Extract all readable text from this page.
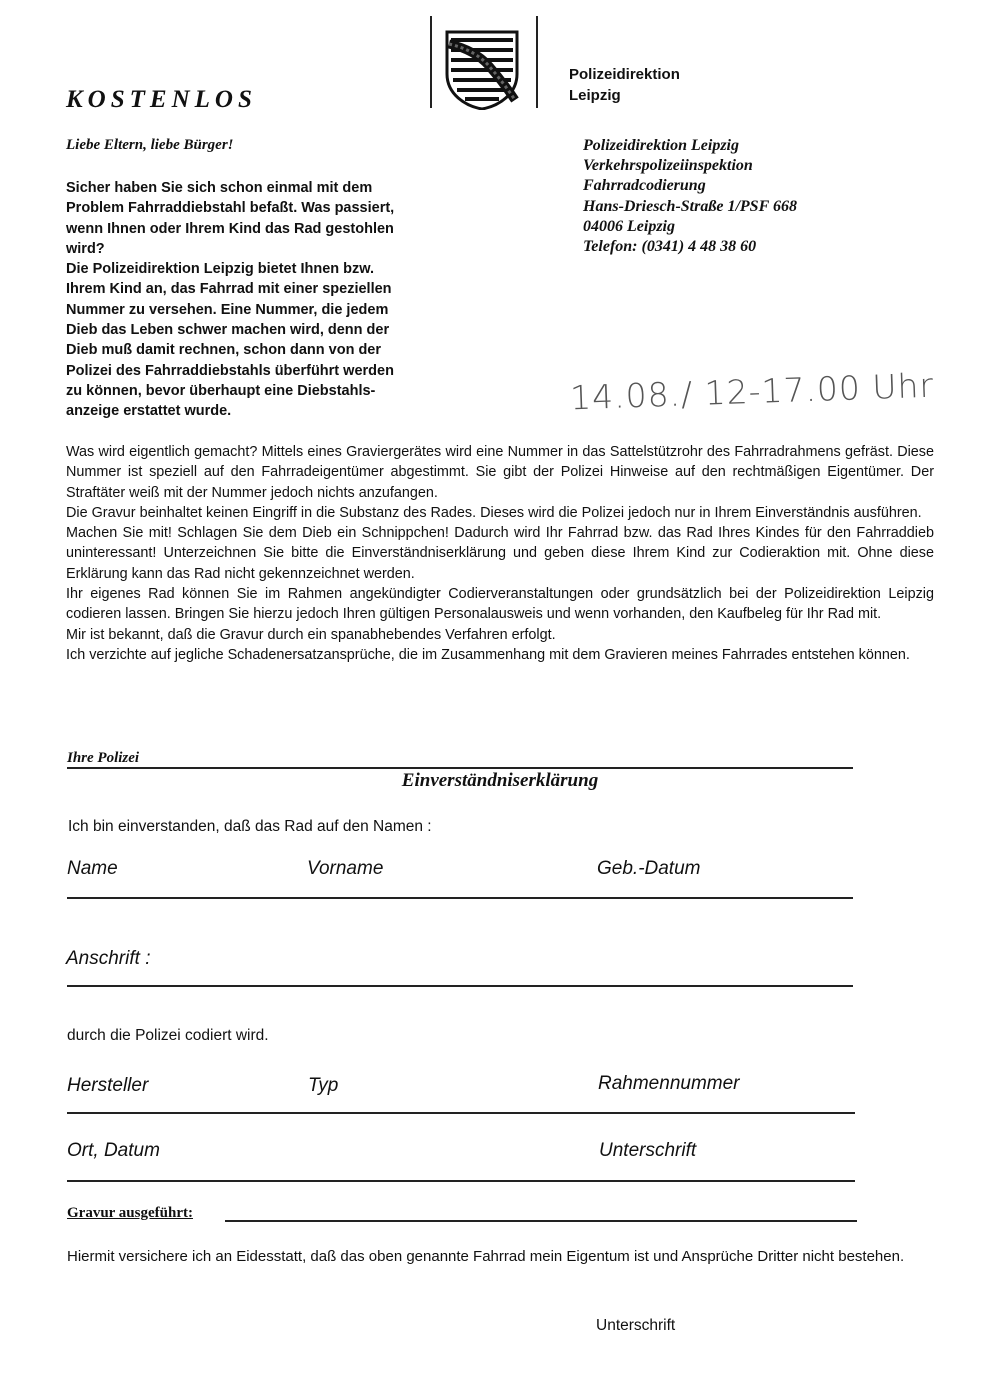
Polizeidirektion
Leipzig
KOSTENLOS
Liebe Eltern, liebe Bürger!
Sicher haben Sie sich schon einmal mit dem
Problem Fahrraddiebstahl befaßt. Was passiert,
wenn Ihnen oder Ihrem Kind das Rad gestohlen
wird?
Die Polizeidirektion Leipzig bietet Ihnen bzw.
Ihrem Kind an, das Fahrrad mit einer speziellen
Nummer zu versehen. Eine Nummer, die jedem
Dieb das Leben schwer machen wird, denn der
Dieb muß damit rechnen, schon dann von der
Polizei des Fahrraddiebstahls überführt werden
zu können, bevor überhaupt eine Diebstahls-
anzeige erstattet wurde.
Polizeidirektion Leipzig
Verkehrspolizeiinspektion
Fahrradcodierung
Hans-Driesch-Straße 1/PSF 668
04006 Leipzig
Telefon: (0341) 4 48 38 60
14.08./ 12-17.00 Uhr

Was wird eigentlich gemacht? Mittels eines Graviergerätes wird eine Nummer in das Sattelstützrohr des Fahrradrahmens gefräst. Diese Nummer ist speziell auf den Fahrradeigentümer abgestimmt. Sie gibt der Polizei Hinweise auf den rechtmäßigen Eigentümer. Der Straftäter weiß mit der Nummer jedoch nichts anzufangen.

Die Gravur beinhaltet keinen Eingriff in die Substanz des Rades. Dieses wird die Polizei jedoch nur in Ihrem Einverständnis ausführen.

Machen Sie mit! Schlagen Sie dem Dieb ein Schnippchen! Dadurch wird Ihr Fahrrad bzw. das Rad Ihres Kindes für den Fahrraddieb uninteressant! Unterzeichnen Sie bitte die Einverständniserklärung und geben diese Ihrem Kind zur Codieraktion mit. Ohne diese Erklärung kann das Rad nicht gekennzeichnet werden.

Ihr eigenes Rad können Sie im Rahmen angekündigter Codierveranstaltungen oder grundsätzlich bei der Polizeidirektion Leipzig codieren lassen. Bringen Sie hierzu jedoch Ihren gültigen Personalausweis und wenn vorhanden, den Kaufbeleg für Ihr Rad mit.

Mir ist bekannt, daß die Gravur durch ein spanabhebendes Verfahren erfolgt.

Ich verzichte auf jegliche Schadenersatzansprüche, die im Zusammenhang mit dem Gravieren meines Fahrrades entstehen können.

Ihre Polizei
Einverständniserklärung
Ich bin einverstanden, daß das Rad auf den Namen :
Name	Vorname	Geb.-Datum
Anschrift :
durch die Polizei codiert wird.
Hersteller	Typ	Rahmennummer
Ort, Datum	Unterschrift
Gravur ausgeführt:
Hiermit versichere ich an Eidesstatt, daß das oben genannte Fahrrad mein Eigentum ist und Ansprüche Dritter nicht bestehen.
Unterschrift
